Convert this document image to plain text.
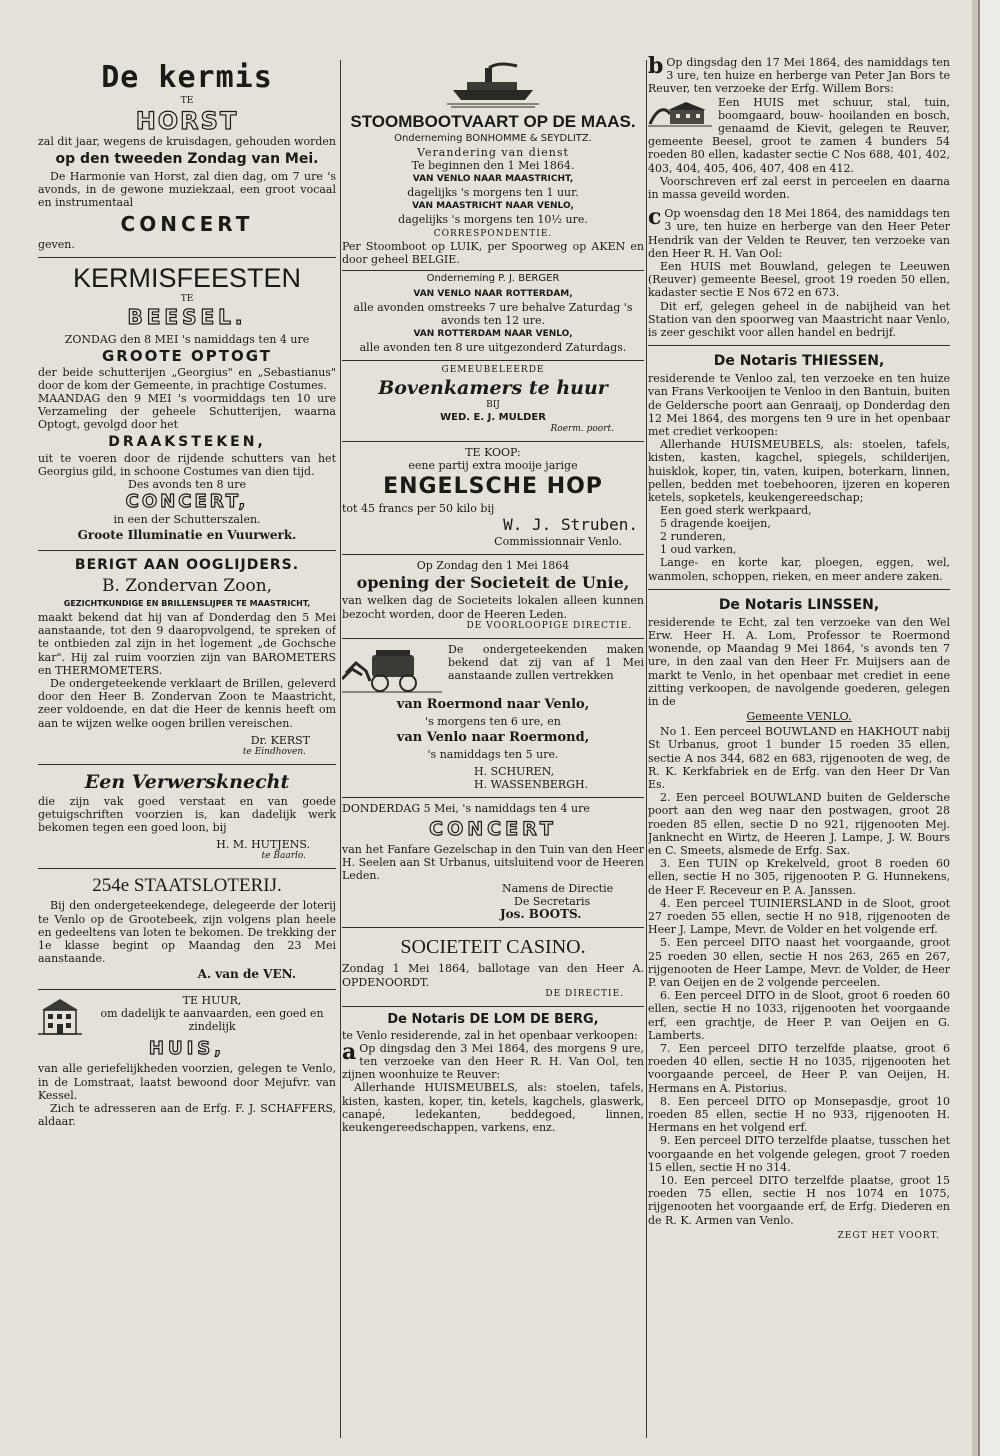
De kermis

TE

HORST

zal dit jaar, wegens de kruisdagen, gehouden worden

op den tweeden Zondag van Mei.

De Harmonie van Horst, zal dien dag, om 7 ure 's avonds, in de gewone muziekzaal, een groot vocaal en instrumentaal

CONCERT

geven.

KERMISFEESTEN

TE

BEESEL.

ZONDAG den 8 MEI 's namiddags ten 4 ure

GROOTE OPTOGT

der beide schutterijen „Georgius" en „Sebastianus" door de kom der Gemeente, in prachtige Costumes.

MAANDAG den 9 MEI 's voormiddags ten 10 ure Verzameling der geheele Schutterijen, waarna Optogt, gevolgd door het

DRAAKSTEKEN,

uit te voeren door de rijdende schutters van het Georgius gild, in schoone Costumes van dien tijd.

Des avonds ten 8 ure

CONCERT,

in een der Schutterszalen.

Groote Illuminatie en Vuurwerk.

BERIGT AAN OOGLIJDERS.

B. Zondervan Zoon,

GEZICHTKUNDIGE EN BRILLENSLIJPER TE MAASTRICHT,

maakt bekend dat hij van af Donderdag den 5 Mei aanstaande, tot den 9 daaropvolgend, te spreken of te ontbieden zal zijn in het logement „de Gochsche kar". Hij zal ruim voorzien zijn van BAROMETERS en THERMOMETERS.

De ondergeteekende verklaart de Brillen, geleverd door den Heer B. Zondervan Zoon te Maastricht, zeer voldoende, en dat die Heer de kennis heeft om aan te wijzen welke oogen brillen vereischen.

Dr. KERST

te Eindhoven.

Een Verwersknecht

die zijn vak goed verstaat en van goede getuigschriften voorzien is, kan dadelijk werk bekomen tegen een goed loon, bij

H. M. HUTJENS.

te Baarlo.

254e STAATSLOTERIJ.

Bij den ondergeteekendege, delegeerde der loterij te Venlo op de Grootebeek, zijn volgens plan heele en gedeeltens van loten te bekomen. De trekking der 1e klasse begint op Maandag den 23 Mei aanstaande.

A. van de VEN.

TE HUUR,

om dadelijk te aanvaarden, een goed en zindelijk

HUIS,

van alle geriefelijkheden voorzien, gelegen te Venlo, in de Lomstraat, laatst bewoond door Mejufvr. van Kessel.

Zich te adresseren aan de Erfg. F. J. SCHAFFERS, aldaar.

STOOMBOOTVAART OP DE MAAS.

Onderneming BONHOMME & SEYDLITZ.

Verandering van dienst

Te beginnen den 1 Mei 1864.

VAN VENLO NAAR MAASTRICHT,

dagelijks 's morgens ten 1 uur.

VAN MAASTRICHT NAAR VENLO,

dagelijks 's morgens ten 10½ ure.

CORRESPONDENTIE.

Per Stoomboot op LUIK, per Spoorweg op AKEN en door geheel BELGIE.

Onderneming P. J. BERGER

VAN VENLO NAAR ROTTERDAM,

alle avonden omstreeks 7 ure behalve Zaturdag 's avonds ten 12 ure.

VAN ROTTERDAM NAAR VENLO,

alle avonden ten 8 ure uitgezonderd Zaturdags.

GEMEUBELEERDE

Bovenkamers te huur

BIJ

WED. E. J. MULDER

Roerm. poort.

TE KOOP:

eene partij extra mooije jarige

ENGELSCHE HOP

tot 45 francs per 50 kilo bij

W. J. Struben.

Commissionnair Venlo.

Op Zondag den 1 Mei 1864

opening der Societeit de Unie,

van welken dag de Societeits lokalen alleen kunnen bezocht worden, door de Heeren Leden.

DE VOORLOOPIGE DIRECTIE.

De ondergeteekenden maken bekend dat zij van af 1 Mei aanstaande zullen vertrekken

van Roermond naar Venlo,

's morgens ten 6 ure, en

van Venlo naar Roermond,

's namiddags ten 5 ure.

H. SCHUREN,

H. WASSENBERGH.

DONDERDAG 5 Mei, 's namiddags ten 4 ure

CONCERT

van het Fanfare Gezelschap in den Tuin van den Heer H. Seelen aan St Urbanus, uitsluitend voor de Heeren Leden.

Namens de Directie

De Secretaris

Jos. BOOTS.

SOCIETEIT CASINO.

Zondag 1 Mei 1864, ballotage van den Heer A. OPDENOORDT.

DE DIRECTIE.

De Notaris DE LOM DE BERG,

te Venlo residerende, zal in het openbaar verkoopen:

a Op dingsdag den 3 Mei 1864, des morgens 9 ure, ten verzoeke van den Heer R. H. Van Ool, ten zijnen woonhuize te Reuver:

Allerhande HUISMEUBELS, als: stoelen, tafels, kisten, kasten, koper, tin, ketels, kagchels, glaswerk, canapé, ledekanten, beddegoed, linnen, keukengereedschappen, varkens, enz.

b Op dingsdag den 17 Mei 1864, des namiddags ten 3 ure, ten huize en herberge van Peter Jan Bors te Reuver, ten verzoeke der Erfg. Willem Bors:

Een HUIS met schuur, stal, tuin, boomgaard, bouw- hooilanden en bosch, genaamd de Kievit, gelegen te Reuver, gemeente Beesel, groot te zamen 4 bunders 54 roeden 80 ellen, kadaster sectie C Nos 688, 401, 402, 403, 404, 405, 406, 407, 408 en 412.

Voorschreven erf zal eerst in perceelen en daarna in massa geveild worden.

c Op woensdag den 18 Mei 1864, des namiddags ten 3 ure, ten huize en herberge van den Heer Peter Hendrik van der Velden te Reuver, ten verzoeke van den Heer R. H. Van Ool:

Een HUIS met Bouwland, gelegen te Leeuwen (Reuver) gemeente Beesel, groot 19 roeden 50 ellen, kadaster sectie E Nos 672 en 673.

Dit erf, gelegen geheel in de nabijheid van het Station van den spoorweg van Maastricht naar Venlo, is zeer geschikt voor allen handel en bedrijf.

De Notaris THIESSEN,

residerende te Venloo zal, ten verzoeke en ten huize van Frans Verkooijen te Venloo in den Bantuin, buiten de Geldersche poort aan Genraaij, op Donderdag den 12 Mei 1864, des morgens ten 9 ure in het openbaar met crediet verkoopen:

Allerhande HUISMEUBELS, als: stoelen, tafels, kisten, kasten, kagchel, spiegels, schilderijen, huisklok, koper, tin, vaten, kuipen, boterkarn, linnen, pellen, bedden met toebehooren, ijzeren en koperen ketels, sopketels, keukengereedschap;

Een goed sterk werkpaard,

5 dragende koeijen,

2 runderen,

1 oud varken,

Lange- en korte kar, ploegen, eggen, wel, wanmolen, schoppen, rieken, en meer andere zaken.

De Notaris LINSSEN,

residerende te Echt, zal ten verzoeke van den Wel Erw. Heer H. A. Lom, Professor te Roermond wonende, op Maandag 9 Mei 1864, 's avonds ten 7 ure, in den zaal van den Heer Fr. Muijsers aan de markt te Venlo, in het openbaar met crediet in eene zitting verkoopen, de navolgende goederen, gelegen in de

Gemeente VENLO.

No 1. Een perceel BOUWLAND en HAKHOUT nabij St Urbanus, groot 1 bunder 15 roeden 35 ellen, sectie A nos 344, 682 en 683, rijgenooten de weg, de R. K. Kerkfabriek en de Erfg. van den Heer Dr Van Es.

2. Een perceel BOUWLAND buiten de Geldersche poort aan den weg naar den postwagen, groot 28 roeden 85 ellen, sectie D no 921, rijgenooten Mej. Janknecht en Wirtz, de Heeren J. Lampe, J. W. Bours en C. Smeets, alsmede de Erfg. Sax.

3. Een TUIN op Krekelveld, groot 8 roeden 60 ellen, sectie H no 305, rijgenooten P. G. Hunnekens, de Heer F. Receveur en P. A. Janssen.

4. Een perceel TUINIERSLAND in de Sloot, groot 27 roeden 55 ellen, sectie H no 918, rijgenooten de Heer J. Lampe, Mevr. de Volder en het volgende erf.

5. Een perceel DITO naast het voorgaande, groot 25 roeden 30 ellen, sectie H nos 263, 265 en 267, rijgenooten de Heer Lampe, Mevr. de Volder, de Heer P. van Oeijen en de 2 volgende perceelen.

6. Een perceel DITO in de Sloot, groot 6 roeden 60 ellen, sectie H no 1033, rijgenooten het voorgaande erf, een grachtje, de Heer P. van Oeijen en G. Lamberts.

7. Een perceel DITO terzelfde plaatse, groot 6 roeden 40 ellen, sectie H no 1035, rijgenooten het voorgaande perceel, de Heer P. van Oeijen, H. Hermans en A. Pistorius.

8. Een perceel DITO op Monsepasdje, groot 10 roeden 85 ellen, sectie H no 933, rijgenooten H. Hermans en het volgend erf.

9. Een perceel DITO terzelfde plaatse, tusschen het voorgaande en het volgende gelegen, groot 7 roeden 15 ellen, sectie H no 314.

10. Een perceel DITO terzelfde plaatse, groot 15 roeden 75 ellen, sectie H nos 1074 en 1075, rijgenooten het voorgaande erf, de Erfg. Diederen en de R. K. Armen van Venlo.

ZEGT HET VOORT.
